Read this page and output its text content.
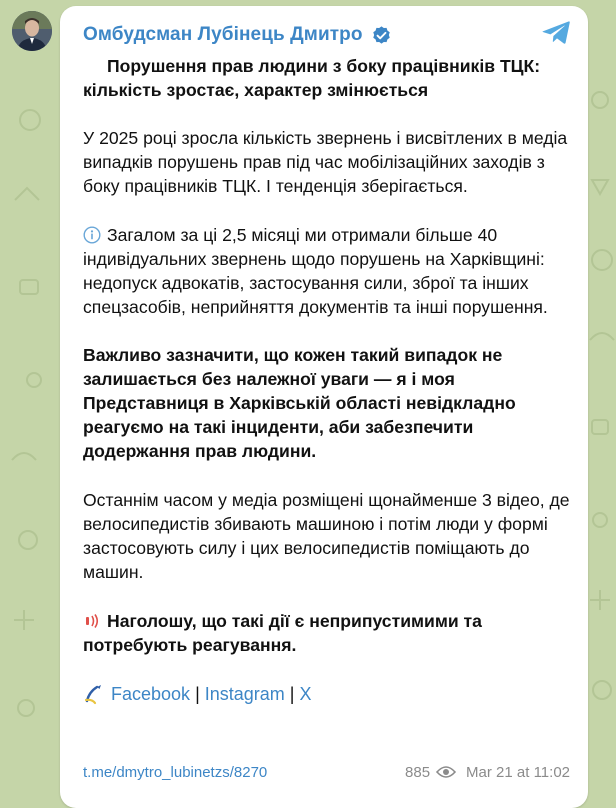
Омбудсман Лубінець Дмитро

Порушення прав людини з боку працівників ТЦК: кількість зростає, характер змінюється

У 2025 році зросла кількість звернень і висвітлених в медіа випадків порушень прав під час мобілізаційних заходів з боку працівників ТЦК. І тенденція зберігається.

Загалом за ці 2,5 місяці ми отримали більше 40 індивідуальних звернень щодо порушень на Харківщині: недопуск адвокатів, застосування сили, зброї та інших спецзасобів, неприйняття документів та інші порушення.

Важливо зазначити, що кожен такий випадок не залишається без належної уваги — я і моя Представниця в Харківській області невідкладно реагуємо на такі інциденти, аби забезпечити додержання прав людини.

Останнім часом у медіа розміщені щонайменше 3 відео, де велосипедистів збивають машиною і потім люди у формі застосовують силу і цих велосипедистів поміщають до машин.

Наголошу, що такі дії є неприпустимими та потребують реагування.

Facebook | Instagram | X

t.me/dmytro_lubinetzs/8270	885 Mar 21 at 11:02
